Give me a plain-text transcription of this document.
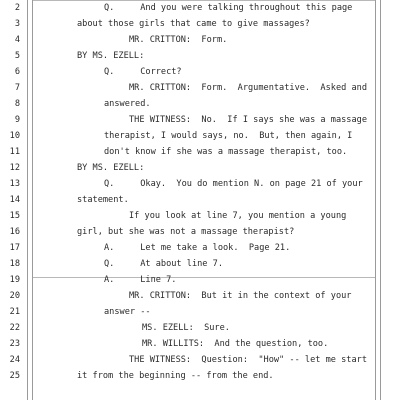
2	Q.     And you were talking throughout this page
3	about those girls that came to give massages?
4	MR. CRITTON:  Form.
5	BY MS. EZELL:
6	Q.     Correct?
7	MR. CRITTON:  Form.  Argumentative.  Asked and
8	answered.
9	THE WITNESS:  No.  If I says she was a massage
10	therapist, I would says, no.  But, then again, I
11	don't know if she was a massage therapist, too.
12	BY MS. EZELL:
13	Q.     Okay.  You do mention N. on page 21 of your
14	statement.
15	If you look at line 7, you mention a young
16	girl, but she was not a massage therapist?
17	A.     Let me take a look.  Page 21.
18	Q.     At about line 7.
19	A.     Line 7.
20	MR. CRITTON:  But it in the context of your
21	answer --
22	MS. EZELL:  Sure.
23	MR. WILLITS:  And the question, too.
24	THE WITNESS:  Question:  "How" -- let me start
25	it from the beginning -- from the end.
